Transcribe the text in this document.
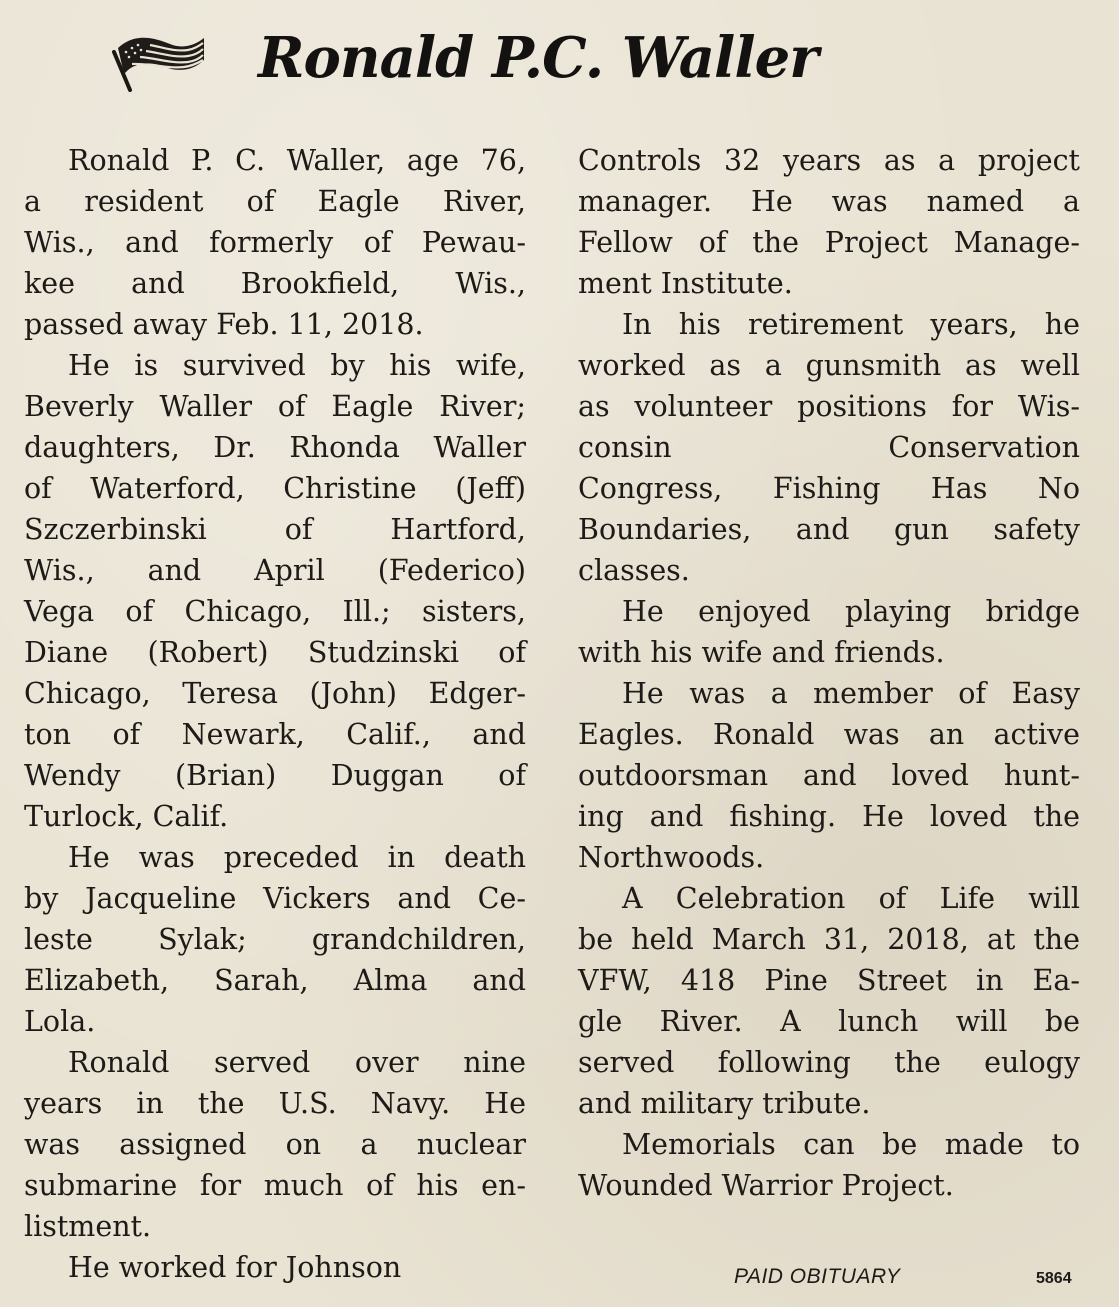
Ronald P.C. Waller
Ronald P. C. Waller, age 76,
a resident of Eagle River,
Wis., and formerly of Pewau-
kee and Brookfield, Wis.,
passed away Feb. 11, 2018.
He is survived by his wife,
Beverly Waller of Eagle River;
daughters, Dr. Rhonda Waller
of Waterford, Christine (Jeff)
Szczerbinski of Hartford,
Wis., and April (Federico)
Vega of Chicago, Ill.; sisters,
Diane (Robert) Studzinski of
Chicago, Teresa (John) Edger-
ton of Newark, Calif., and
Wendy (Brian) Duggan of
Turlock, Calif.
He was preceded in death
by Jacqueline Vickers and Ce-
leste Sylak; grandchildren,
Elizabeth, Sarah, Alma and
Lola.
Ronald served over nine
years in the U.S. Navy. He
was assigned on a nuclear
submarine for much of his en-
listment.
He worked for Johnson
Controls 32 years as a project
manager. He was named a
Fellow of the Project Manage-
ment Institute.
In his retirement years, he
worked as a gunsmith as well
as volunteer positions for Wis-
consin Conservation
Congress, Fishing Has No
Boundaries, and gun safety
classes.
He enjoyed playing bridge
with his wife and friends.
He was a member of Easy
Eagles. Ronald was an active
outdoorsman and loved hunt-
ing and fishing. He loved the
Northwoods.
A Celebration of Life will
be held March 31, 2018, at the
VFW, 418 Pine Street in Ea-
gle River. A lunch will be
served following the eulogy
and military tribute.
Memorials can be made to
Wounded Warrior Project.
PAID OBITUARY	5864
